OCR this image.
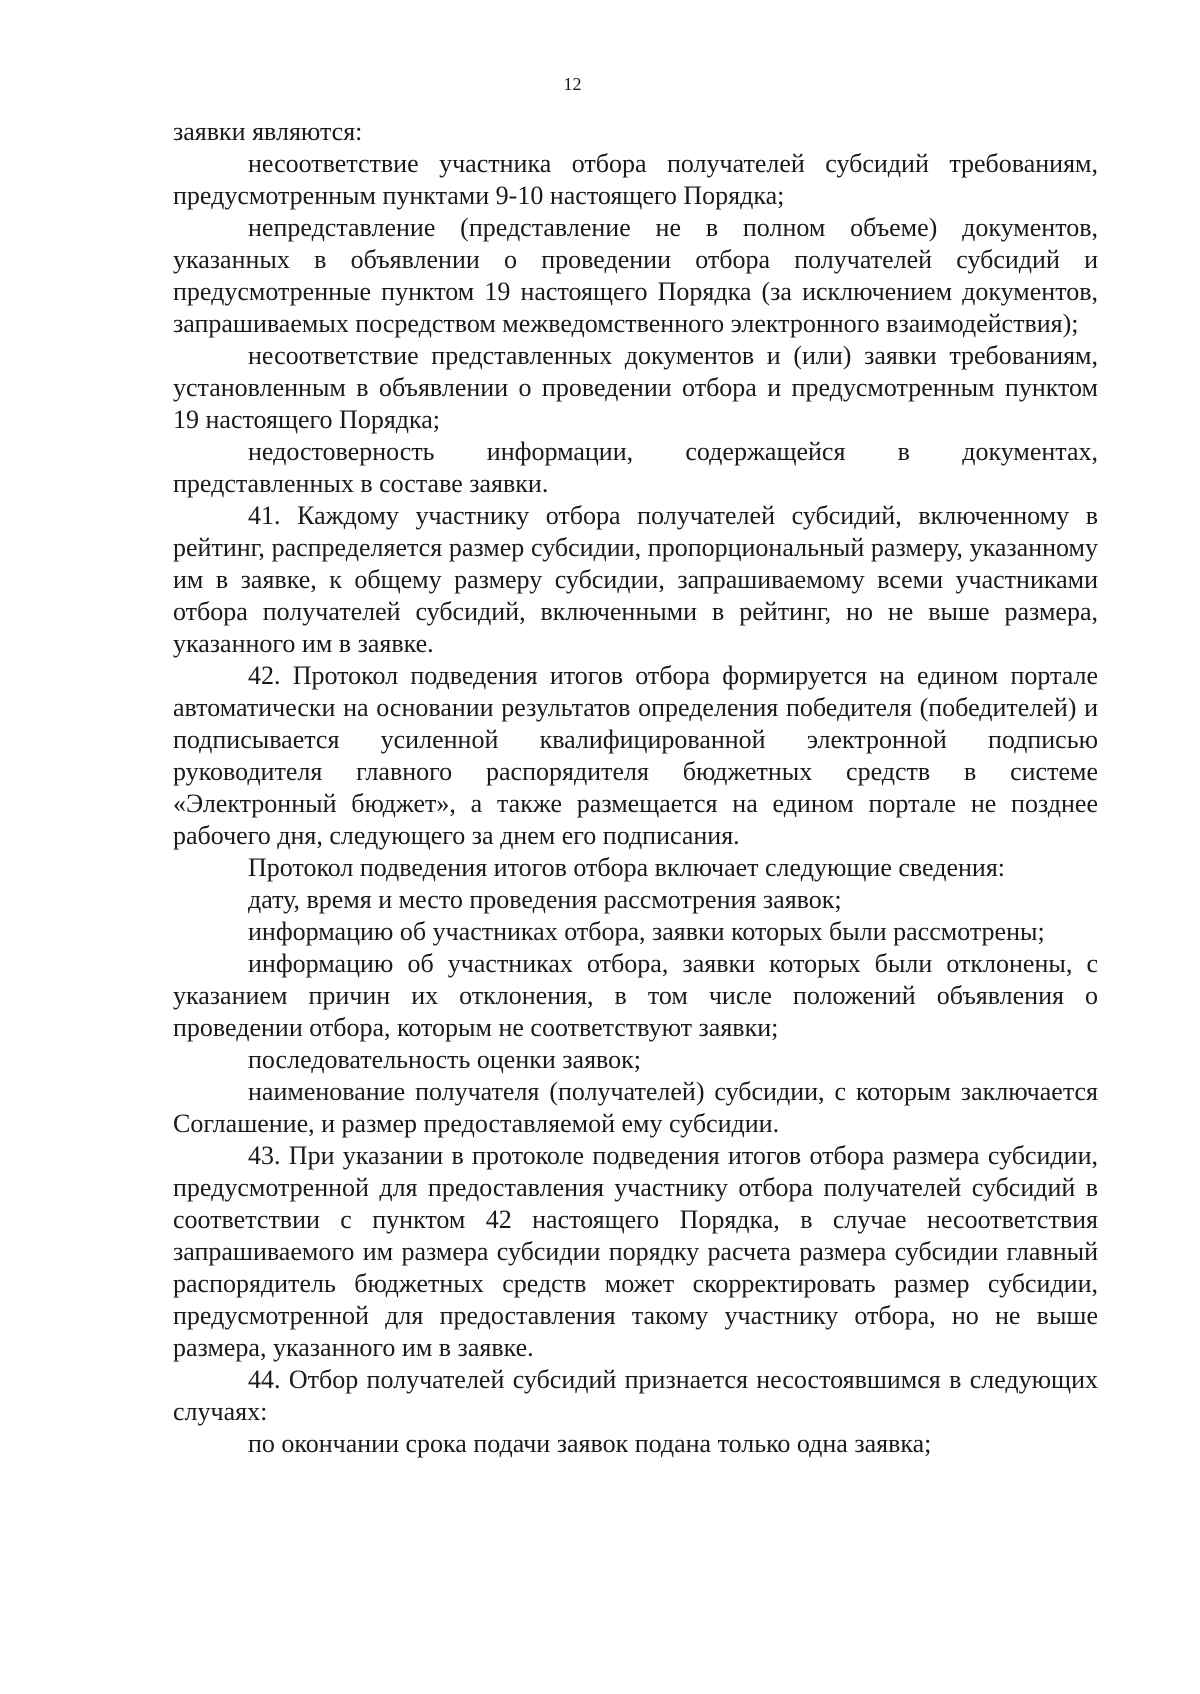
12

заявки являются:

несоответствие участника отбора получателей субсидий требованиям, предусмотренным пунктами 9-10 настоящего Порядка;

непредставление (представление не в полном объеме) документов, указанных в объявлении о проведении отбора получателей субсидий и предусмотренные пунктом 19 настоящего Порядка (за исключением документов, запрашиваемых посредством межведомственного электронного взаимодействия);

несоответствие представленных документов и (или) заявки требованиям, установленным в объявлении о проведении отбора и предусмотренным пунктом 19 настоящего Порядка;

недостоверность информации, содержащейся в документах, представленных в составе заявки.

41. Каждому участнику отбора получателей субсидий, включенному в рейтинг, распределяется размер субсидии, пропорциональный размеру, указанному им в заявке, к общему размеру субсидии, запрашиваемому всеми участниками отбора получателей субсидий, включенными в рейтинг, но не выше размера, указанного им в заявке.

42. Протокол подведения итогов отбора формируется на едином портале автоматически на основании результатов определения победителя (победителей) и подписывается усиленной квалифицированной электронной подписью руководителя главного распорядителя бюджетных средств в системе «Электронный бюджет», а также размещается на едином портале не позднее рабочего дня, следующего за днем его подписания.

Протокол подведения итогов отбора включает следующие сведения:

дату, время и место проведения рассмотрения заявок;

информацию об участниках отбора, заявки которых были рассмотрены;

информацию об участниках отбора, заявки которых были отклонены, с указанием причин их отклонения, в том числе положений объявления о проведении отбора, которым не соответствуют заявки;

последовательность оценки заявок;

наименование получателя (получателей) субсидии, с которым заключается Соглашение, и размер предоставляемой ему субсидии.

43. При указании в протоколе подведения итогов отбора размера субсидии, предусмотренной для предоставления участнику отбора получателей субсидий в соответствии с пунктом 42 настоящего Порядка, в случае несоответствия запрашиваемого им размера субсидии порядку расчета размера субсидии главный распорядитель бюджетных средств может скорректировать размер субсидии, предусмотренной для предоставления такому участнику отбора, но не выше размера, указанного им в заявке.

44. Отбор получателей субсидий признается несостоявшимся в следующих случаях:

по окончании срока подачи заявок подана только одна заявка;
